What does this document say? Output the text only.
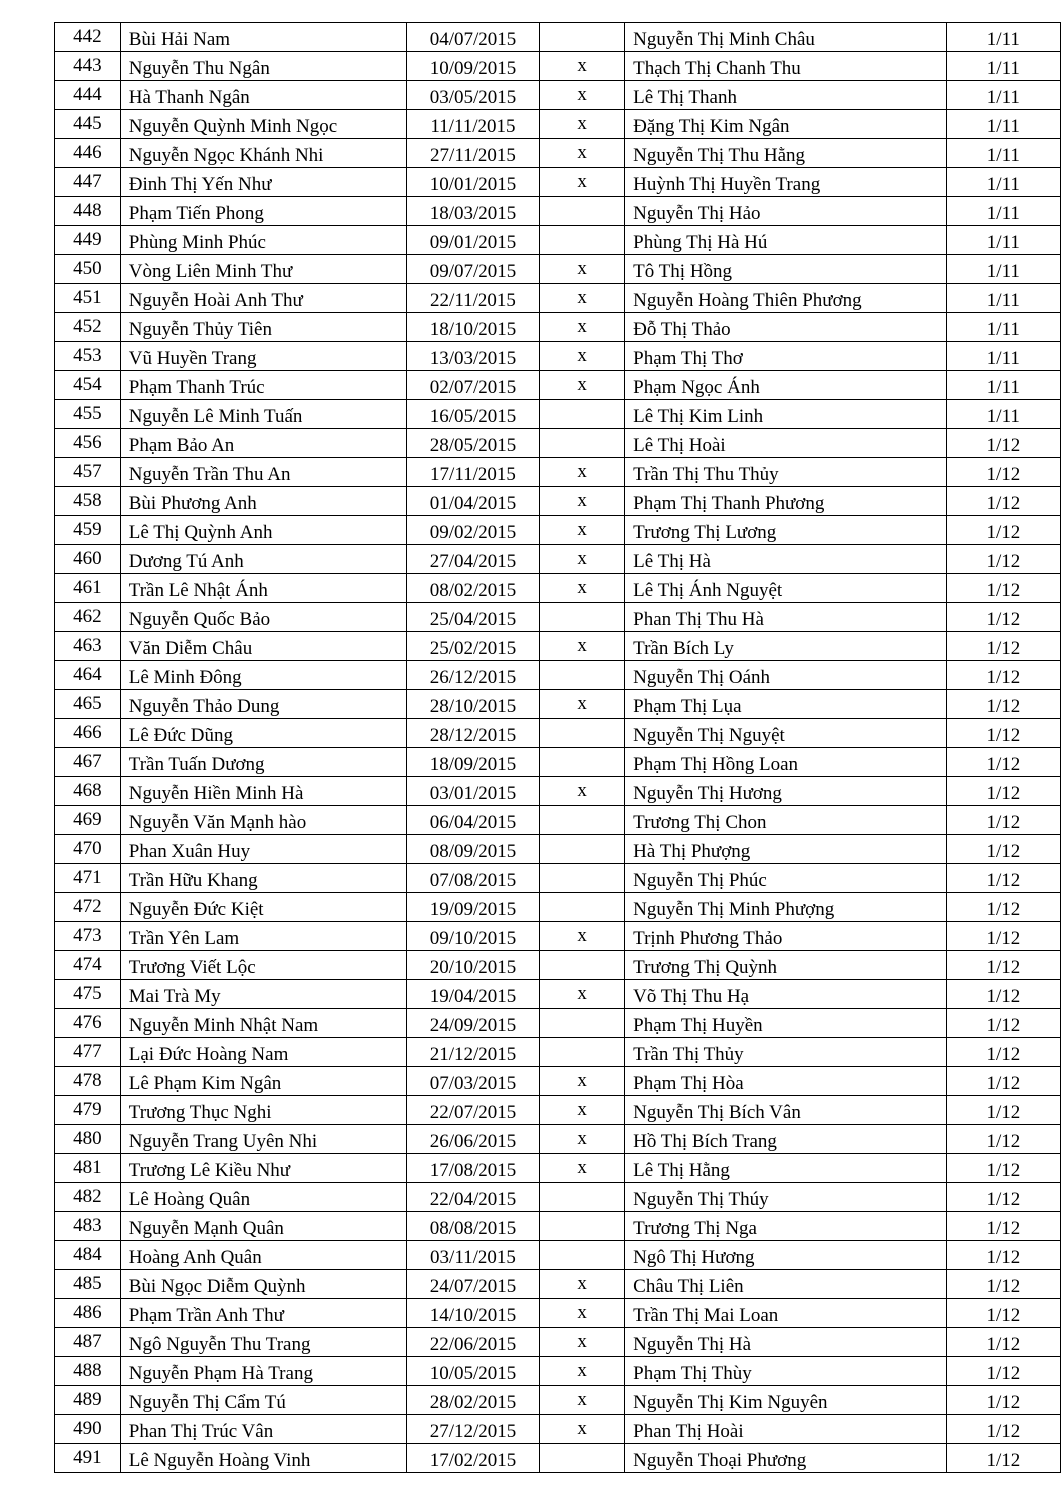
442	Bùi Hải Nam	04/07/2015		Nguyễn Thị Minh Châu	1/11
443	Nguyễn Thu Ngân	10/09/2015	x	Thạch Thị Chanh Thu	1/11
444	Hà Thanh Ngân	03/05/2015	x	Lê Thị Thanh	1/11
445	Nguyễn Quỳnh Minh Ngọc	11/11/2015	x	Đặng Thị Kim Ngân	1/11
446	Nguyễn Ngọc Khánh Nhi	27/11/2015	x	Nguyễn Thị Thu Hằng	1/11
447	Đinh Thị Yến Như	10/01/2015	x	Huỳnh Thị Huyền Trang	1/11
448	Phạm Tiến Phong	18/03/2015		Nguyễn Thị Hảo	1/11
449	Phùng Minh Phúc	09/01/2015		Phùng Thị Hà Hú	1/11
450	Vòng Liên Minh Thư	09/07/2015	x	Tô Thị Hồng	1/11
451	Nguyễn Hoài Anh Thư	22/11/2015	x	Nguyễn Hoàng Thiên Phương	1/11
452	Nguyễn Thủy Tiên	18/10/2015	x	Đỗ Thị Thảo	1/11
453	Vũ Huyền Trang	13/03/2015	x	Phạm Thị Thơ	1/11
454	Phạm Thanh Trúc	02/07/2015	x	Phạm Ngọc Ánh	1/11
455	Nguyễn Lê Minh Tuấn	16/05/2015		Lê Thị Kim Linh	1/11
456	Phạm Bảo An	28/05/2015		Lê Thị Hoài	1/12
457	Nguyễn Trần Thu An	17/11/2015	x	Trần Thị Thu Thủy	1/12
458	Bùi Phương Anh	01/04/2015	x	Phạm Thị Thanh Phương	1/12
459	Lê Thị Quỳnh Anh	09/02/2015	x	Trương Thị Lương	1/12
460	Dương Tú Anh	27/04/2015	x	Lê Thị Hà	1/12
461	Trần Lê Nhật Ánh	08/02/2015	x	Lê Thị Ánh Nguyệt	1/12
462	Nguyễn Quốc Bảo	25/04/2015		Phan Thị Thu Hà	1/12
463	Văn Diễm Châu	25/02/2015	x	Trần Bích Ly	1/12
464	Lê Minh Đông	26/12/2015		Nguyễn Thị Oánh	1/12
465	Nguyễn Thảo Dung	28/10/2015	x	Phạm Thị Lụa	1/12
466	Lê Đức Dũng	28/12/2015		Nguyễn Thị Nguyệt	1/12
467	Trần Tuấn Dương	18/09/2015		Phạm Thị Hồng Loan	1/12
468	Nguyễn Hiền Minh Hà	03/01/2015	x	Nguyễn Thị Hương	1/12
469	Nguyễn Văn Mạnh hào	06/04/2015		Trương Thị Chon	1/12
470	Phan Xuân Huy	08/09/2015		Hà Thị Phượng	1/12
471	Trần Hữu Khang	07/08/2015		Nguyễn Thị Phúc	1/12
472	Nguyễn Đức Kiệt	19/09/2015		Nguyễn Thị Minh Phượng	1/12
473	Trần Yên Lam	09/10/2015	x	Trịnh Phương Thảo	1/12
474	Trương Viết Lộc	20/10/2015		Trương Thị Quỳnh	1/12
475	Mai Trà My	19/04/2015	x	Võ Thị Thu Hạ	1/12
476	Nguyễn Minh Nhật Nam	24/09/2015		Phạm Thị Huyền	1/12
477	Lại Đức Hoàng Nam	21/12/2015		Trần Thị Thủy	1/12
478	Lê Phạm Kim Ngân	07/03/2015	x	Phạm Thị Hòa	1/12
479	Trương Thục Nghi	22/07/2015	x	Nguyễn Thị Bích Vân	1/12
480	Nguyễn Trang Uyên Nhi	26/06/2015	x	Hồ Thị Bích Trang	1/12
481	Trương Lê Kiều Như	17/08/2015	x	Lê Thị Hằng	1/12
482	Lê Hoàng Quân	22/04/2015		Nguyễn Thị Thúy	1/12
483	Nguyễn Mạnh Quân	08/08/2015		Trương Thị Nga	1/12
484	Hoàng Anh Quân	03/11/2015		Ngô Thị Hương	1/12
485	Bùi Ngọc Diễm Quỳnh	24/07/2015	x	Châu Thị Liên	1/12
486	Phạm Trần Anh Thư	14/10/2015	x	Trần Thị Mai Loan	1/12
487	Ngô Nguyễn Thu Trang	22/06/2015	x	Nguyễn Thị Hà	1/12
488	Nguyễn Phạm Hà Trang	10/05/2015	x	Phạm Thị Thùy	1/12
489	Nguyễn Thị Cẩm Tú	28/02/2015	x	Nguyễn Thị Kim Nguyên	1/12
490	Phan Thị Trúc Vân	27/12/2015	x	Phan Thị Hoài	1/12
491	Lê Nguyễn Hoàng Vinh	17/02/2015		Nguyễn Thoại Phương	1/12
